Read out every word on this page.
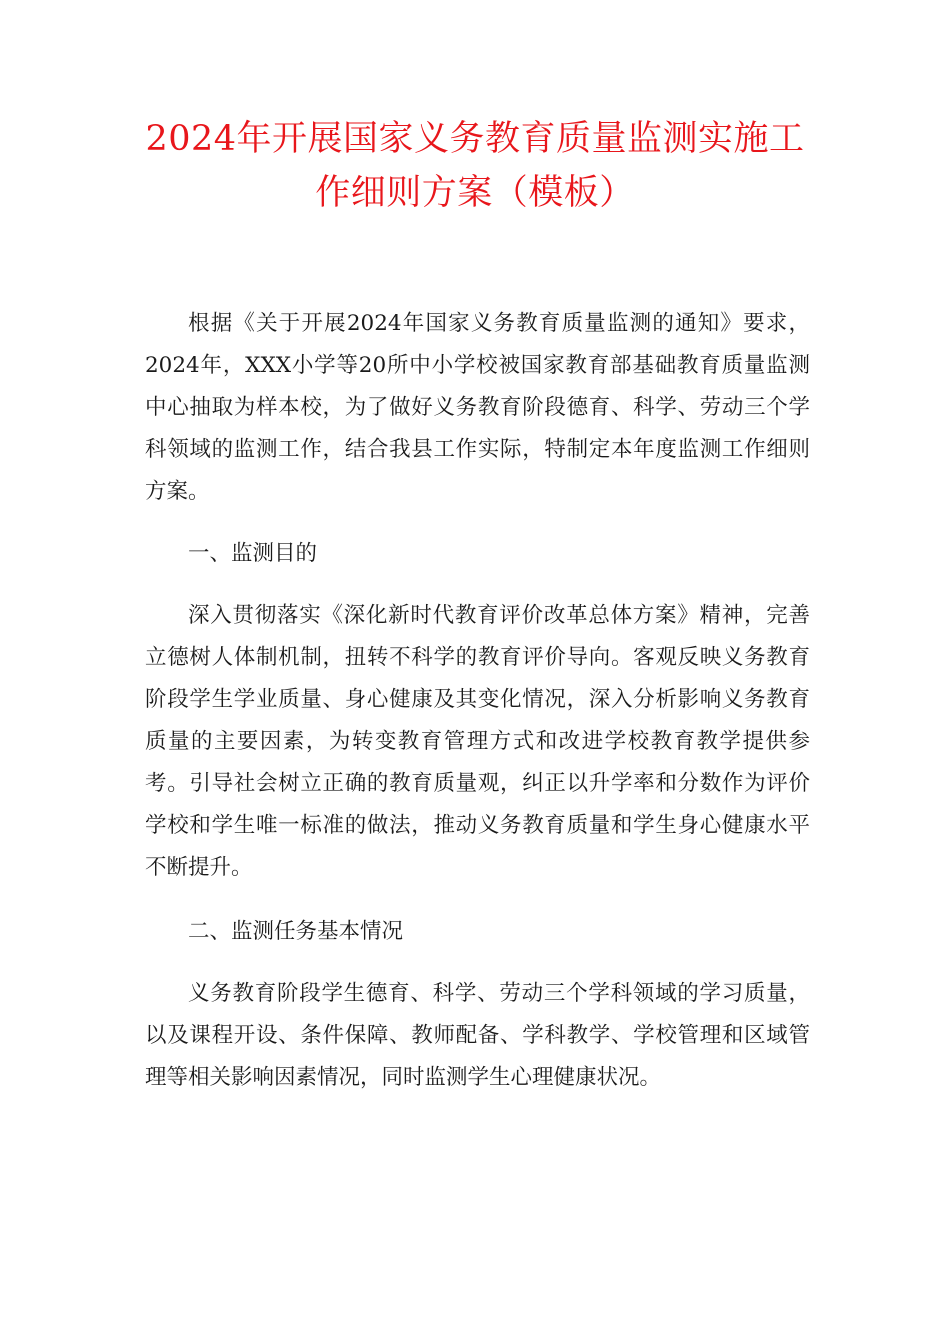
2024年开展国家义务教育质量监测实施工
作细则方案（模板）

根据《关于开展2024年国家义务教育质量监测的通知》要求，2024年，XXX小学等20所中小学校被国家教育部基础教育质量监测中心抽取为样本校，为了做好义务教育阶段德育、科学、劳动三个学科领域的监测工作，结合我县工作实际，特制定本年度监测工作细则方案。

一、监测目的

深入贯彻落实《深化新时代教育评价改革总体方案》精神，完善立德树人体制机制，扭转不科学的教育评价导向。客观反映义务教育阶段学生学业质量、身心健康及其变化情况，深入分析影响义务教育质量的主要因素，为转变教育管理方式和改进学校教育教学提供参考。引导社会树立正确的教育质量观，纠正以升学率和分数作为评价学校和学生唯一标准的做法，推动义务教育质量和学生身心健康水平不断提升。

二、监测任务基本情况

义务教育阶段学生德育、科学、劳动三个学科领域的学习质量，以及课程开设、条件保障、教师配备、学科教学、学校管理和区域管理等相关影响因素情况，同时监测学生心理健康状况。
